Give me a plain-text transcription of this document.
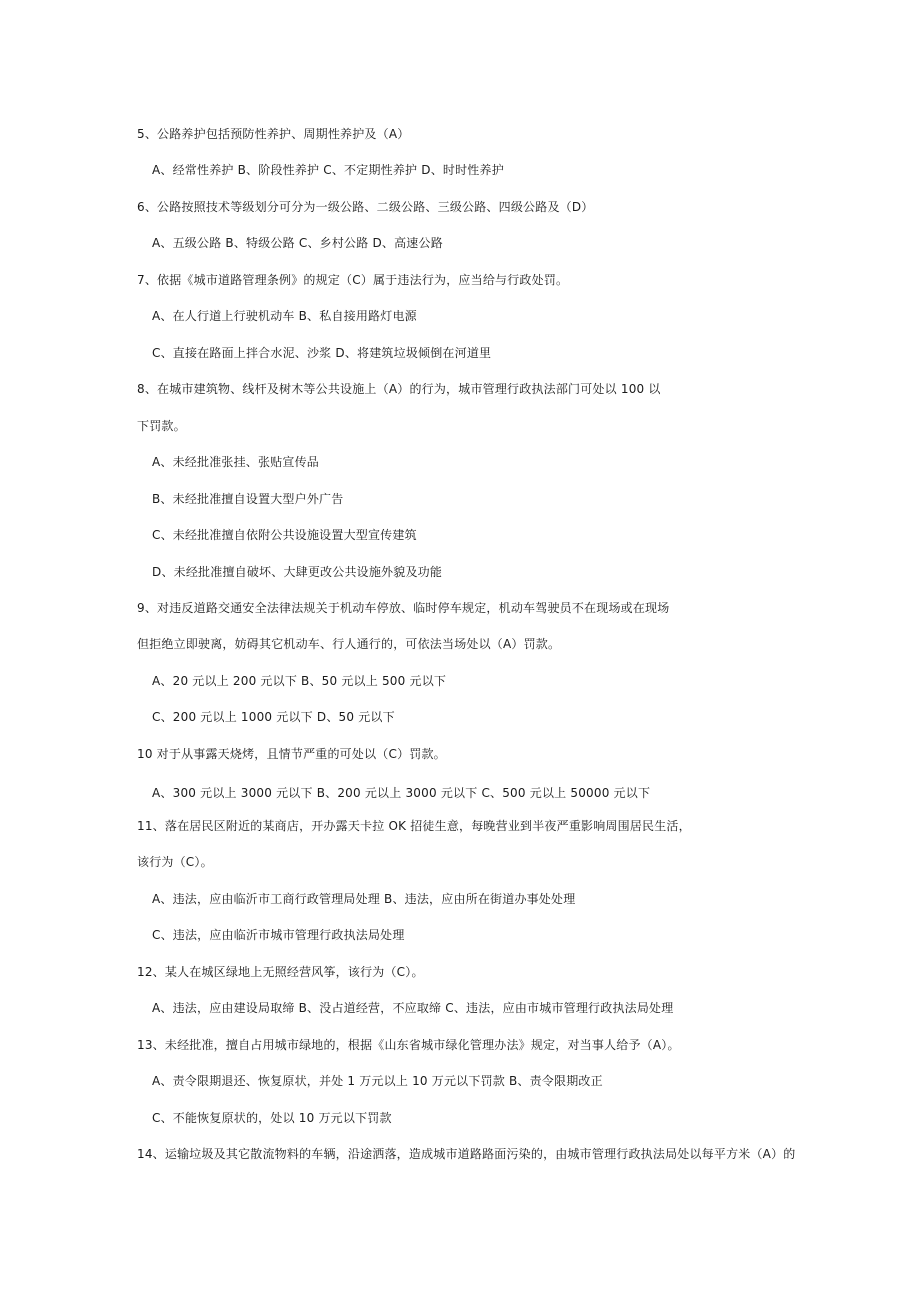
5、公路养护包括预防性养护、周期性养护及（A）
A、经常性养护 B、阶段性养护 C、不定期性养护 D、时时性养护
6、公路按照技术等级划分可分为一级公路、二级公路、三级公路、四级公路及（D）
A、五级公路 B、特级公路 C、乡村公路 D、高速公路
7、依据《城市道路管理条例》的规定（C）属于违法行为，应当给与行政处罚。
A、在人行道上行驶机动车 B、私自接用路灯电源
C、直接在路面上拌合水泥、沙浆 D、将建筑垃圾倾倒在河道里
8、在城市建筑物、线杆及树木等公共设施上（A）的行为，城市管理行政执法部门可处以 100 以
下罚款。
A、未经批准张挂、张贴宣传品
B、未经批准擅自设置大型户外广告
C、未经批准擅自依附公共设施设置大型宣传建筑
D、未经批准擅自破坏、大肆更改公共设施外貌及功能
9、对违反道路交通安全法律法规关于机动车停放、临时停车规定，机动车驾驶员不在现场或在现场
但拒绝立即驶离，妨碍其它机动车、行人通行的，可依法当场处以（A）罚款。
A、20 元以上 200 元以下 B、50 元以上 500 元以下
C、200 元以上 1000 元以下 D、50 元以下
10 对于从事露天烧烤，且情节严重的可处以（C）罚款。
A、300 元以上 3000 元以下 B、200 元以上 3000 元以下 C、500 元以上 50000 元以下
11、落在居民区附近的某商店，开办露天卡拉 OK 招徒生意，每晚营业到半夜严重影响周围居民生活，
该行为（C）。
A、违法，应由临沂市工商行政管理局处理 B、违法，应由所在街道办事处处理
C、违法，应由临沂市城市管理行政执法局处理
12、某人在城区绿地上无照经营风筝，该行为（C）。
A、违法，应由建设局取缔 B、没占道经营，不应取缔 C、违法，应由市城市管理行政执法局处理
13、未经批准，擅自占用城市绿地的，根据《山东省城市绿化管理办法》规定，对当事人给予（A）。
A、责令限期退还、恢复原状，并处 1 万元以上 10 万元以下罚款 B、责令限期改正
C、不能恢复原状的，处以 10 万元以下罚款
14、运输垃圾及其它散流物料的车辆，沿途洒落，造成城市道路路面污染的，由城市管理行政执法局处以每平方米（A）的
